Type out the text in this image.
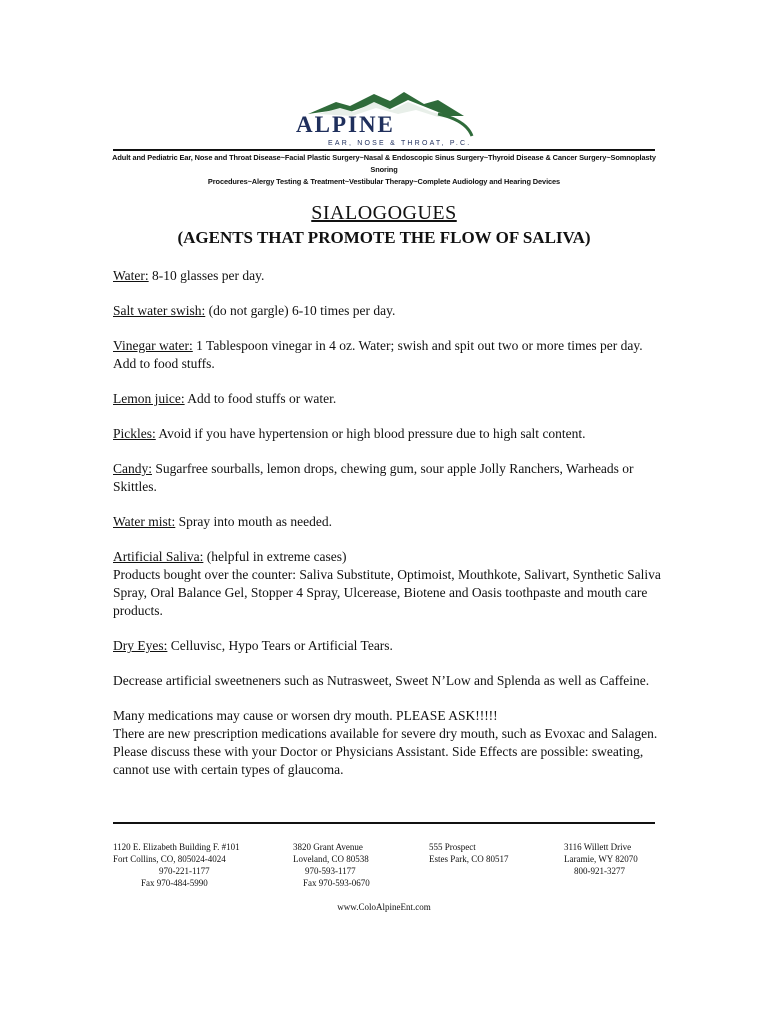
ALPINE
EAR, NOSE & THROAT, P.C.
Adult and Pediatric Ear, Nose and Throat Disease~Facial Plastic Surgery~Nasal & Endoscopic Sinus Surgery~Thyroid Disease & Cancer Surgery~Somnoplasty Snoring
Procedures~Alergy Testing & Treatment~Vestibular Therapy~Complete Audiology and Hearing Devices
SIALOGOGUES
(AGENTS THAT PROMOTE THE FLOW OF SALIVA)
Water: 8-10 glasses per day.
Salt water swish: (do not gargle) 6-10 times per day.
Vinegar water: 1 Tablespoon vinegar in 4 oz. Water; swish and spit out two or more times per day. Add to food stuffs.
Lemon juice: Add to food stuffs or water.
Pickles: Avoid if you have hypertension or high blood pressure due to high salt content.
Candy: Sugarfree sourballs, lemon drops, chewing gum, sour apple Jolly Ranchers, Warheads or Skittles.
Water mist: Spray into mouth as needed.
Artificial Saliva: (helpful in extreme cases)
Products bought over the counter: Saliva Substitute, Optimoist, Mouthkote, Salivart, Synthetic Saliva Spray, Oral Balance Gel, Stopper 4 Spray, Ulcerease, Biotene and Oasis toothpaste and mouth care products.
Dry Eyes: Celluvisc, Hypo Tears or Artificial Tears.
Decrease artificial sweetneners such as Nutrasweet, Sweet N’Low and Splenda as well as Caffeine.
Many medications may cause or worsen dry mouth. PLEASE ASK!!!!!
There are new prescription medications available for severe dry mouth, such as Evoxac and Salagen. Please discuss these with your Doctor or Physicians Assistant. Side Effects are possible: sweating, cannot use with certain types of glaucoma.
1120 E. Elizabeth Building F. #101
Fort Collins, CO, 805024-4024
970-221-1177
Fax 970-484-5990
3820 Grant Avenue
Loveland, CO 80538
970-593-1177
Fax 970-593-0670
555 Prospect
Estes Park, CO 80517
3116 Willett Drive
Laramie, WY 82070
800-921-3277
www.ColoAlpineEnt.com
